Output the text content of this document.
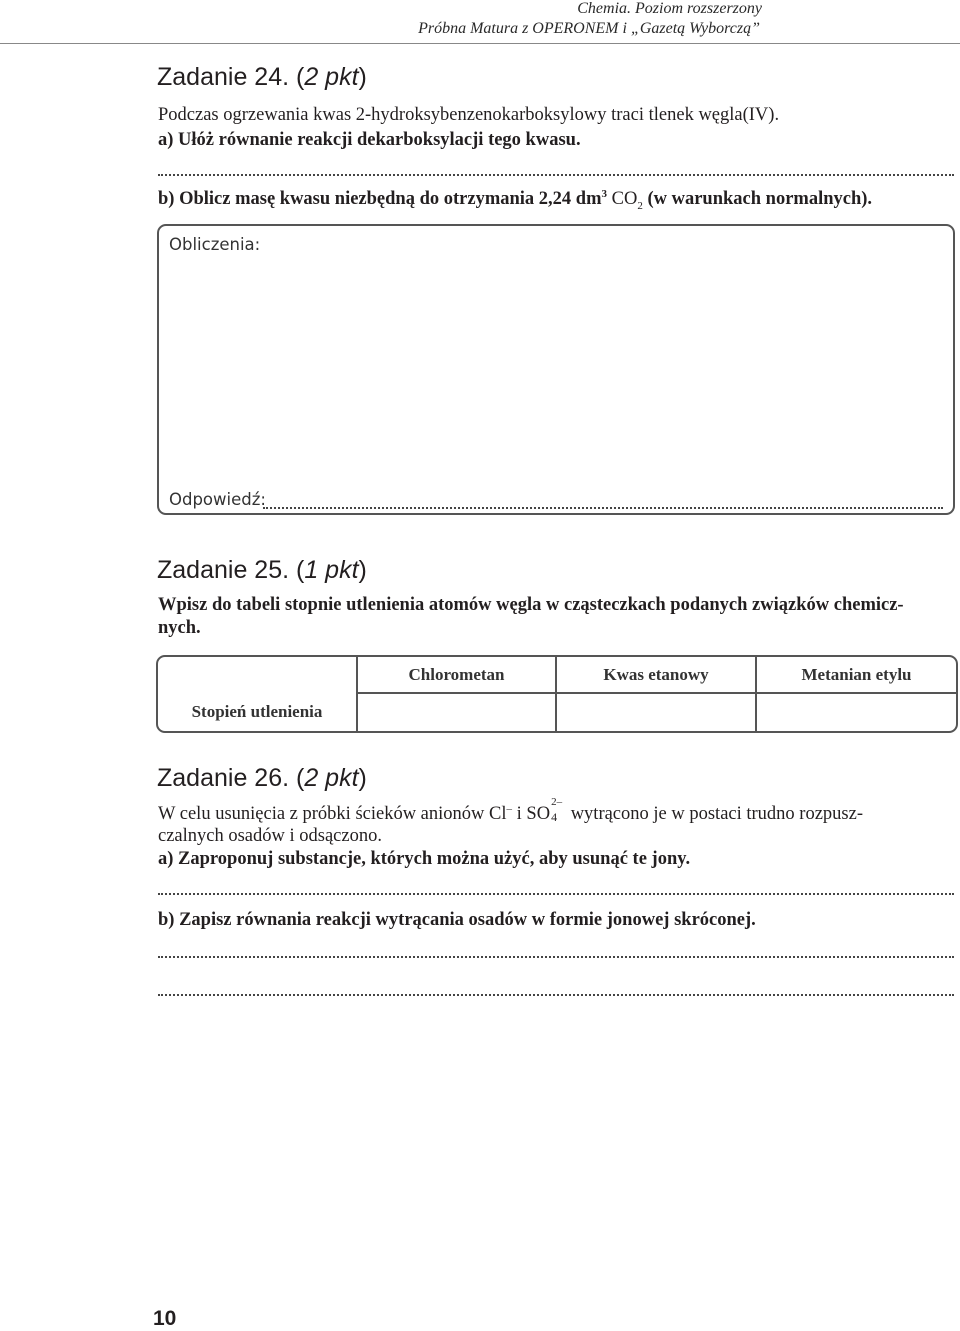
Chemia. Poziom rozszerzony
Próbna Matura z OPERONEM i „Gazetą Wyborczą”
Zadanie 24. (2 pkt)
Podczas ogrzewania kwas 2-hydroksybenzenokarboksylowy traci tlenek węgla(IV).
a) Ułóż równanie reakcji dekarboksylacji tego kwasu.
b) Oblicz masę kwasu niezbędną do otrzymania 2,24 $dm^3$ $CO_2$ (w warunkach normalnych).
Obliczenia:
Odpowiedź:
Zadanie 25. (1 pkt)
Wpisz do tabeli stopnie utlenienia atomów węgla w cząsteczkach podanych związków chemicz-
nych.
Chlorometan	Kwas etanowy	Metanian etylu
Stopień utlenienia
Zadanie 26. (2 pkt)
W celu usunięcia z próbki ścieków anionów Cl– i SO
2–
4 wytrącono je w postaci trudno rozpusz-
czalnych osadów i odsączono.
a) Zaproponuj substancje, których można użyć, aby usunąć te jony.
b) Zapisz równania reakcji wytrącania osadów w formie jonowej skróconej.
10
